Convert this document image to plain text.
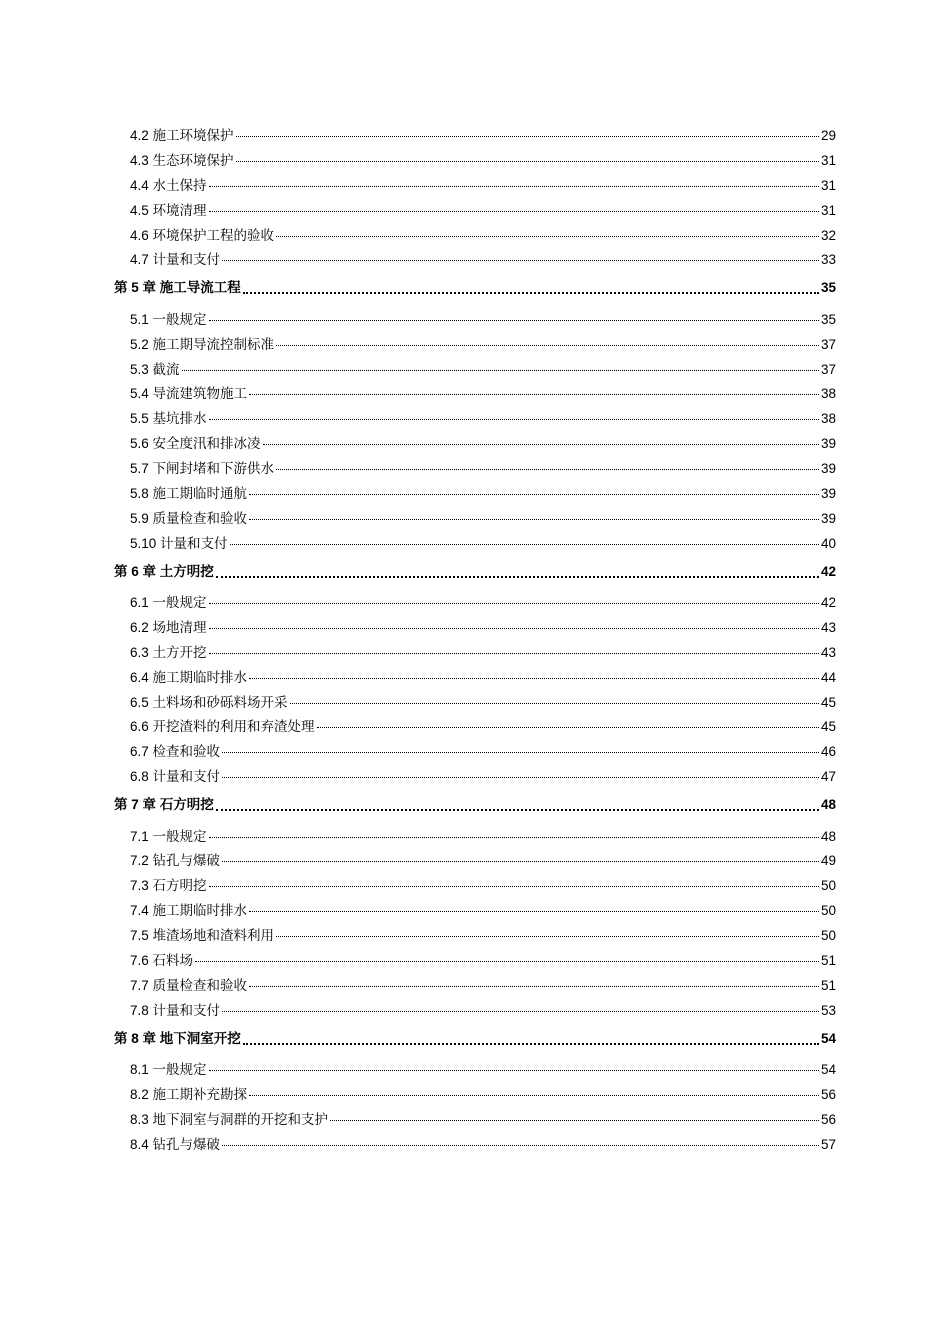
4.2 施工环境保护	29
4.3 生态环境保护	31
4.4 水土保持	31
4.5 环境清理	31
4.6 环境保护工程的验收	32
4.7 计量和支付	33
第 5 章 施工导流工程	35
5.1 一般规定	35
5.2 施工期导流控制标准	37
5.3 截流	37
5.4 导流建筑物施工	38
5.5 基坑排水	38
5.6 安全度汛和排冰凌	39
5.7 下闸封堵和下游供水	39
5.8 施工期临时通航	39
5.9 质量检查和验收	39
5.10 计量和支付	40
第 6 章 土方明挖	42
6.1 一般规定	42
6.2 场地清理	43
6.3 土方开挖	43
6.4 施工期临时排水	44
6.5 土料场和砂砾料场开采	45
6.6 开挖渣料的利用和弃渣处理	45
6.7 检查和验收	46
6.8 计量和支付	47
第 7 章 石方明挖	48
7.1 一般规定	48
7.2 钻孔与爆破	49
7.3 石方明挖	50
7.4 施工期临时排水	50
7.5 堆渣场地和渣料利用	50
7.6 石料场	51
7.7 质量检查和验收	51
7.8 计量和支付	53
第 8 章 地下洞室开挖	54
8.1 一般规定	54
8.2 施工期补充勘探	56
8.3 地下洞室与洞群的开挖和支护	56
8.4 钻孔与爆破	57
